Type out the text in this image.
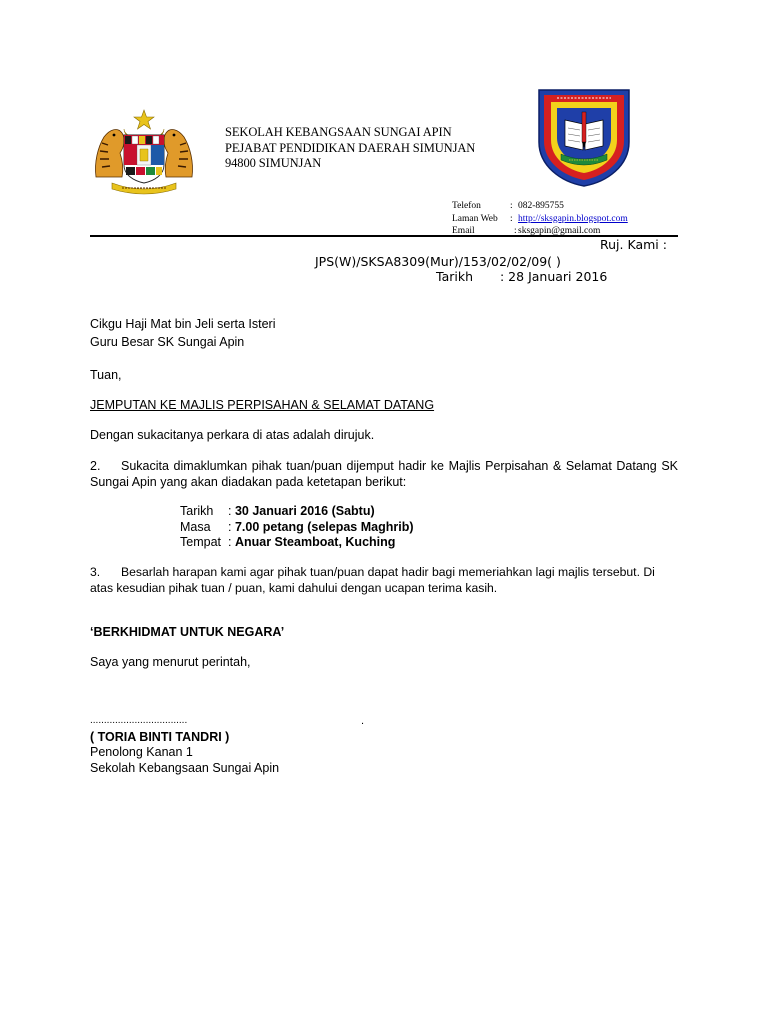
SEKOLAH KEBANGSAAN SUNGAI APIN
PEJABAT PENDIDIKAN DAERAH SIMUNJAN
94800 SIMUNJAN
Telefon	: 082-895755
Laman Web : http://sksgapin.blogspot.com
Email	: sksgapin@gmail.com
Ruj. Kami :
JPS(W)/SKSA8309(Mur)/153/02/02/09( )
Tarikh : 28 Januari 2016
Cikgu Haji Mat bin Jeli serta Isteri
Guru Besar SK Sungai Apin
Tuan,
JEMPUTAN KE MAJLIS PERPISAHAN & SELAMAT DATANG
Dengan sukacitanya perkara di atas adalah dirujuk.
2. Sukacita dimaklumkan pihak tuan/puan dijemput hadir ke Majlis Perpisahan & Selamat Datang SK Sungai Apin yang akan diadakan pada ketetapan berikut:
Tarikh : 30 Januari 2016 (Sabtu)
Masa : 7.00 petang (selepas Maghrib)
Tempat : Anuar Steamboat, Kuching
3. Besarlah harapan kami agar pihak tuan/puan dapat hadir bagi memeriahkan lagi majlis tersebut. Di atas kesudian pihak tuan / puan, kami dahului dengan ucapan terima kasih.
‘BERKHIDMAT UNTUK NEGARA’
Saya yang menurut perintah,
...................................	.
( TORIA BINTI TANDRI )
Penolong Kanan 1
Sekolah Kebangsaan Sungai Apin
